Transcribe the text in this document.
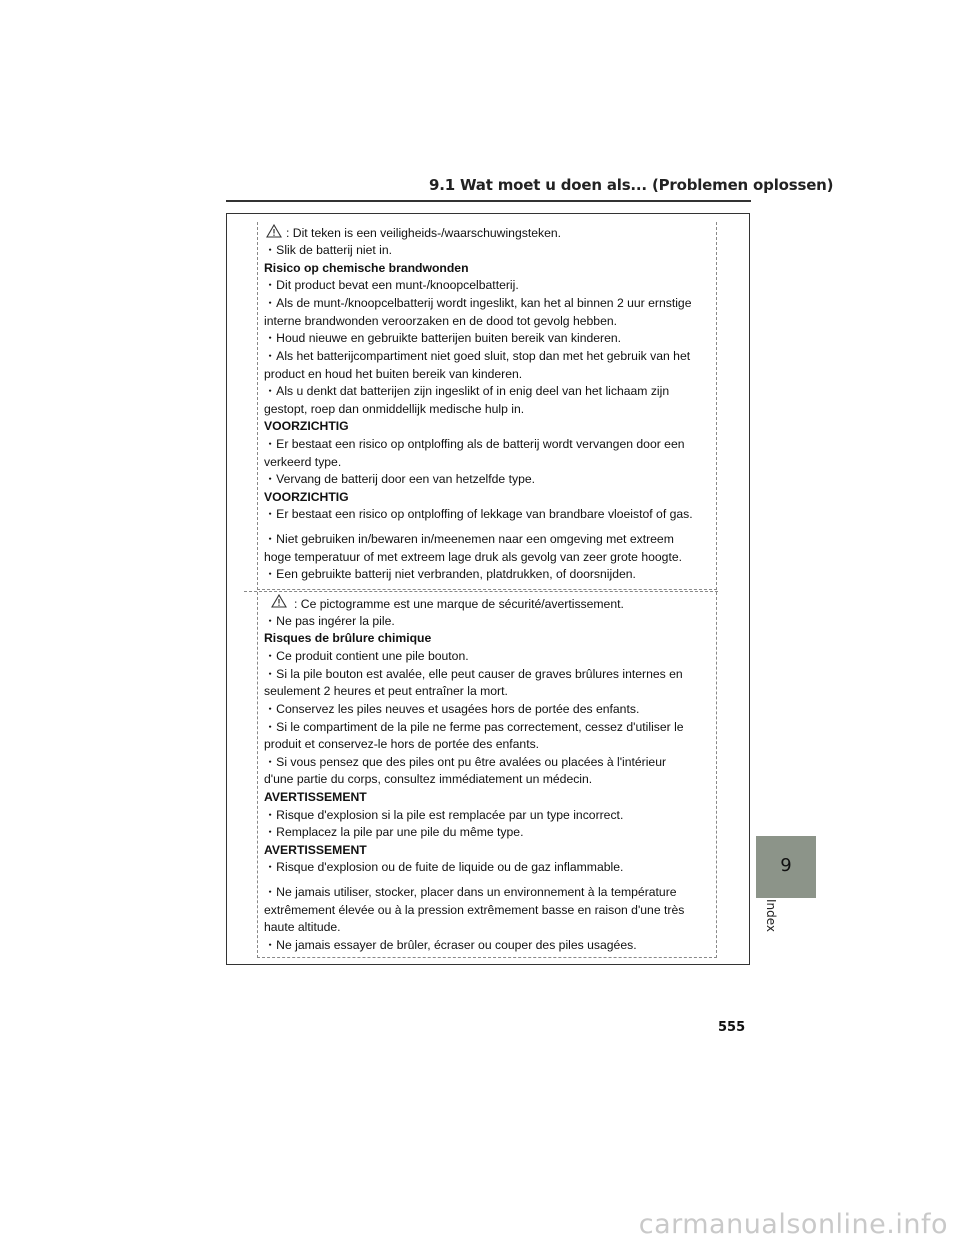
9.1 Wat moet u doen als... (Problemen oplossen)
: Dit teken is een veiligheids-/waarschuwingsteken.
・Slik de batterij niet in.
Risico op chemische brandwonden
・Dit product bevat een munt-/knoopcelbatterij.
・Als de munt-/knoopcelbatterij wordt ingeslikt, kan het al binnen 2 uur ernstige
interne brandwonden veroorzaken en de dood tot gevolg hebben.
・Houd nieuwe en gebruikte batterijen buiten bereik van kinderen.
・Als het batterijcompartiment niet goed sluit, stop dan met het gebruik van het
product en houd het buiten bereik van kinderen.
・Als u denkt dat batterijen zijn ingeslikt of in enig deel van het lichaam zijn
gestopt, roep dan onmiddellijk medische hulp in.
VOORZICHTIG
・Er bestaat een risico op ontploffing als de batterij wordt vervangen door een
verkeerd type.
・Vervang de batterij door een van hetzelfde type.
VOORZICHTIG
・Er bestaat een risico op ontploffing of lekkage van brandbare vloeistof of gas.
・Niet gebruiken in/bewaren in/meenemen naar een omgeving met extreem
hoge temperatuur of met extreem lage druk als gevolg van zeer grote hoogte.
・Een gebruikte batterij niet verbranden, platdrukken, of doorsnijden.
: Ce pictogramme est une marque de sécurité/avertissement.
・Ne pas ingérer la pile.
Risques de brûlure chimique
・Ce produit contient une pile bouton.
・Si la pile bouton est avalée, elle peut causer de graves brûlures internes en
seulement 2 heures et peut entraîner la mort.
・Conservez les piles neuves et usagées hors de portée des enfants.
・Si le compartiment de la pile ne ferme pas correctement, cessez d'utiliser le
produit et conservez-le hors de portée des enfants.
・Si vous pensez que des piles ont pu être avalées ou placées à l'intérieur
d'une partie du corps, consultez immédiatement un médecin.
AVERTISSEMENT
・Risque d'explosion si la pile est remplacée par un type incorrect.
・Remplacez la pile par une pile du même type.
AVERTISSEMENT
・Risque d'explosion ou de fuite de liquide ou de gaz inflammable.
・Ne jamais utiliser, stocker, placer dans un environnement à la température
extrêmement élevée ou à la pression extrêmement basse en raison d'une très
haute altitude.
・Ne jamais essayer de brûler, écraser ou couper des piles usagées.
9
Index
555
carmanualsonline.info
